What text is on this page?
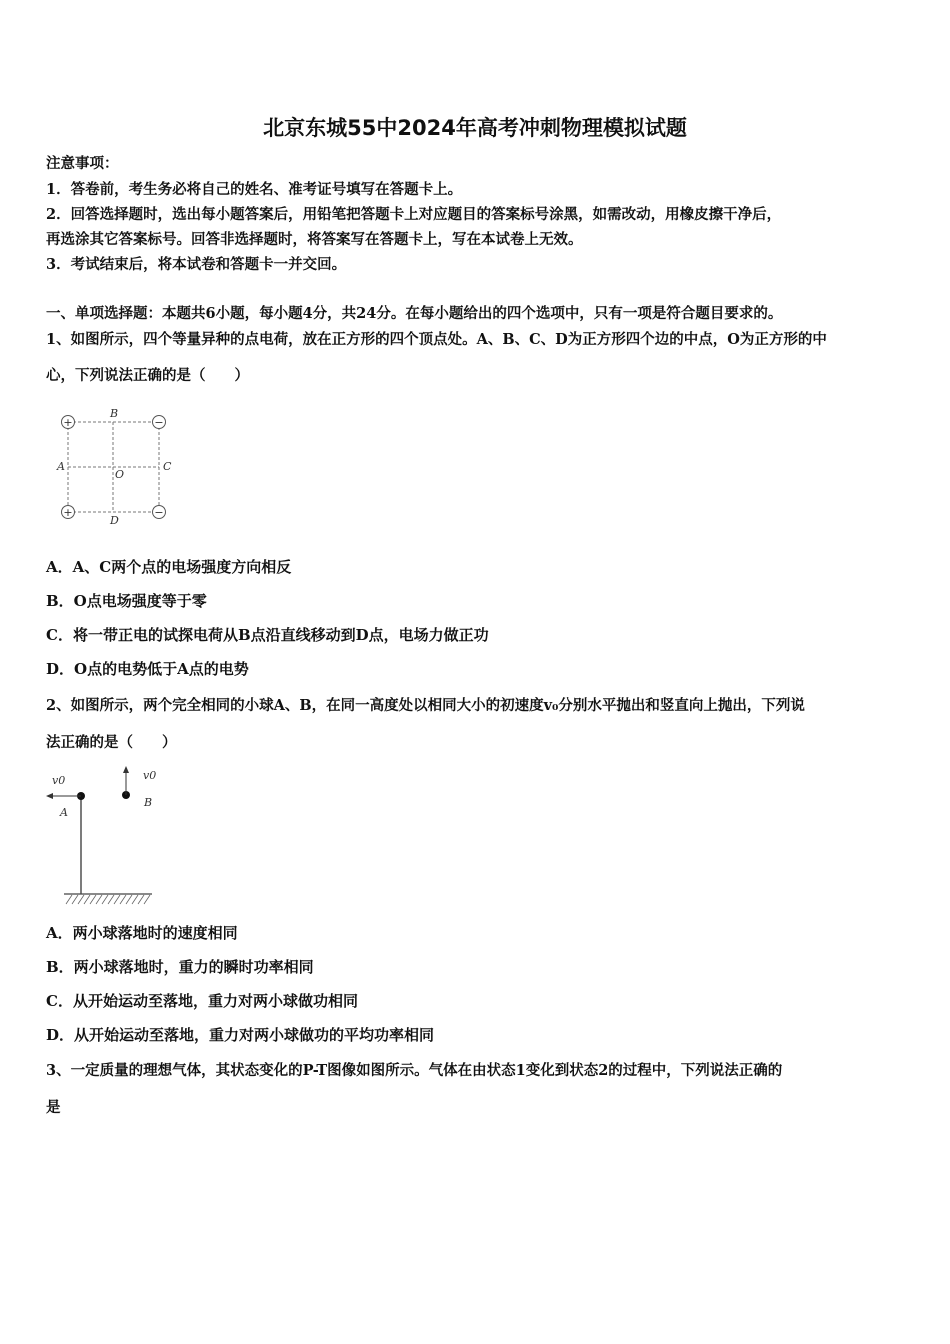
北京东城55中2024年高考冲刺物理模拟试题
注意事项：
1．答卷前，考生务必将自己的姓名、准考证号填写在答题卡上。
2．回答选择题时，选出每小题答案后，用铅笔把答题卡上对应题目的答案标号涂黑，如需改动，用橡皮擦干净后，
再选涂其它答案标号。回答非选择题时，将答案写在答题卡上，写在本试卷上无效。
3．考试结束后，将本试卷和答题卡一并交回。
一、单项选择题：本题共6小题，每小题4分，共24分。在每小题给出的四个选项中，只有一项是符合题目要求的。
1、如图所示，四个等量异种的点电荷，放在正方形的四个顶点处。A、B、C、D为正方形四个边的中点，O为正方形的中
心，下列说法正确的是（　　）
+	−
+	−
B
A
O
C
D
A．A、C两个点的电场强度方向相反
B．O点电场强度等于零
C．将一带正电的试探电荷从B点沿直线移动到D点，电场力做正功
D．O点的电势低于A点的电势
2、如图所示，两个完全相同的小球A、B，在同一高度处以相同大小的初速度v₀分别水平抛出和竖直向上抛出，下列说
法正确的是（　　）
v0
A
v0
B
A．两小球落地时的速度相同
B．两小球落地时，重力的瞬时功率相同
C．从开始运动至落地，重力对两小球做功相同
D．从开始运动至落地，重力对两小球做功的平均功率相同
3、一定质量的理想气体，其状态变化的P-T图像如图所示。气体在由状态1变化到状态2的过程中，下列说法正确的
是
